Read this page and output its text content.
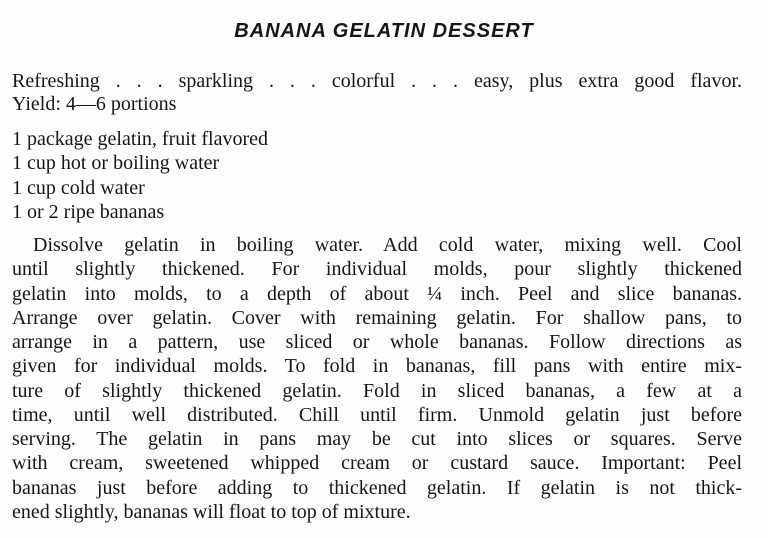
BANANA GELATIN DESSERT
Refreshing . . . sparkling . . . colorful . . . easy, plus extra good flavor.
Yield: 4—6 portions
1 package gelatin, fruit flavored
1 cup hot or boiling water
1 cup cold water
1 or 2 ripe bananas
Dissolve gelatin in boiling water. Add cold water, mixing well. Cool
until slightly thickened. For individual molds, pour slightly thickened
gelatin into molds, to a depth of about ¼ inch. Peel and slice bananas.
Arrange over gelatin. Cover with remaining gelatin. For shallow pans, to
arrange in a pattern, use sliced or whole bananas. Follow directions as
given for individual molds. To fold in bananas, fill pans with entire mix-
ture of slightly thickened gelatin. Fold in sliced bananas, a few at a
time, until well distributed. Chill until firm. Unmold gelatin just before
serving. The gelatin in pans may be cut into slices or squares. Serve
with cream, sweetened whipped cream or custard sauce. Important: Peel
bananas just before adding to thickened gelatin. If gelatin is not thick-
ened slightly, bananas will float to top of mixture.
